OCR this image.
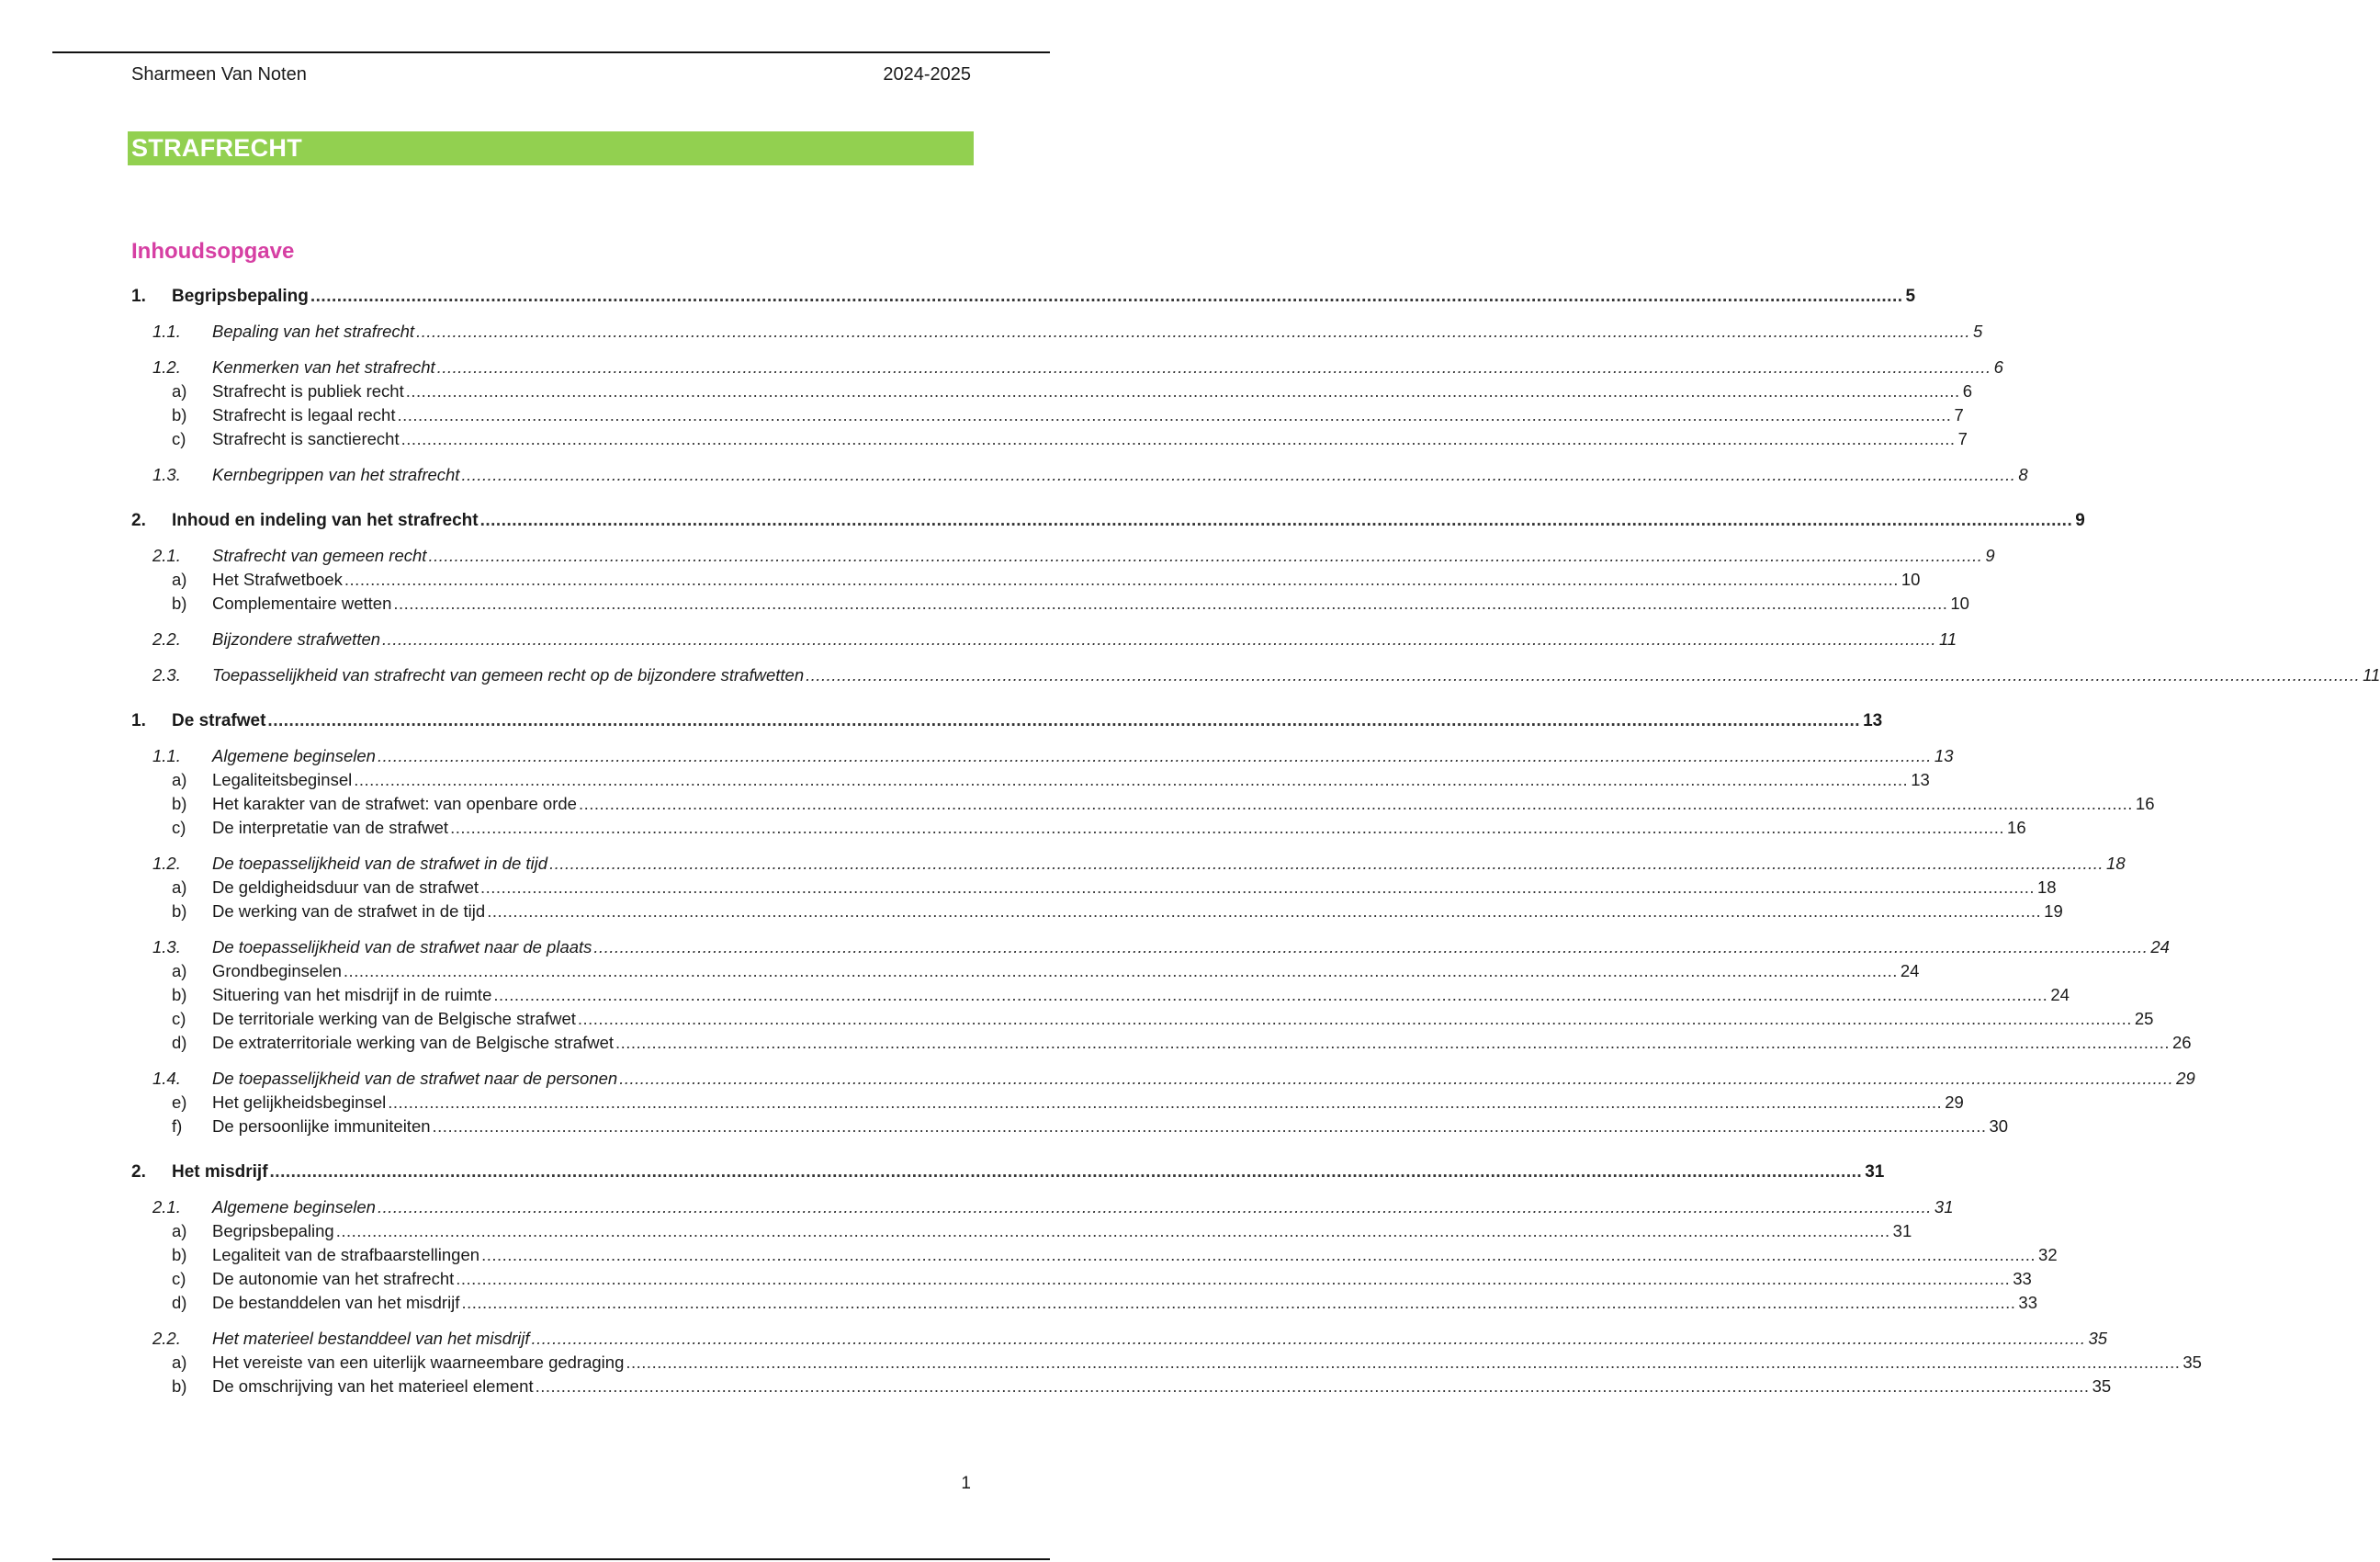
Sharmeen Van Noten	2024-2025
STRAFRECHT
Inhoudsopgave
1. Begripsbepaling ............................................................................................................................................................................................................................................................................................................ 5
1.1. Bepaling van het strafrecht ............................................................................................................................................................................................................................................................................................................ 5
1.2. Kenmerken van het strafrecht ............................................................................................................................................................................................................................................................................................................ 6
a) Strafrecht is publiek recht ............................................................................................................................................................................................................................................................................................................ 6
b) Strafrecht is legaal recht ............................................................................................................................................................................................................................................................................................................ 7
c) Strafrecht is sanctierecht ............................................................................................................................................................................................................................................................................................................ 7
1.3. Kernbegrippen van het strafrecht ............................................................................................................................................................................................................................................................................................................ 8
2. Inhoud en indeling van het strafrecht ............................................................................................................................................................................................................................................................................................................ 9
2.1. Strafrecht van gemeen recht ............................................................................................................................................................................................................................................................................................................ 9
a) Het Strafwetboek ............................................................................................................................................................................................................................................................................................................ 10
b) Complementaire wetten ............................................................................................................................................................................................................................................................................................................ 10
2.2. Bijzondere strafwetten ............................................................................................................................................................................................................................................................................................................ 11
2.3. Toepasselijkheid van strafrecht van gemeen recht op de bijzondere strafwetten ............................................................................................................................................................................................................................................................................................................ 11
1. De strafwet ............................................................................................................................................................................................................................................................................................................ 13
1.1. Algemene beginselen ............................................................................................................................................................................................................................................................................................................ 13
a) Legaliteitsbeginsel ............................................................................................................................................................................................................................................................................................................ 13
b) Het karakter van de strafwet: van openbare orde ............................................................................................................................................................................................................................................................................................................ 16
c) De interpretatie van de strafwet ............................................................................................................................................................................................................................................................................................................ 16
1.2. De toepasselijkheid van de strafwet in de tijd ............................................................................................................................................................................................................................................................................................................ 18
a) De geldigheidsduur van de strafwet ............................................................................................................................................................................................................................................................................................................ 18
b) De werking van de strafwet in de tijd ............................................................................................................................................................................................................................................................................................................ 19
1.3. De toepasselijkheid van de strafwet naar de plaats ............................................................................................................................................................................................................................................................................................................ 24
a) Grondbeginselen ............................................................................................................................................................................................................................................................................................................ 24
b) Situering van het misdrijf in de ruimte ............................................................................................................................................................................................................................................................................................................ 24
c) De territoriale werking van de Belgische strafwet ............................................................................................................................................................................................................................................................................................................ 25
d) De extraterritoriale werking van de Belgische strafwet ............................................................................................................................................................................................................................................................................................................ 26
1.4. De toepasselijkheid van de strafwet naar de personen ............................................................................................................................................................................................................................................................................................................ 29
e) Het gelijkheidsbeginsel ............................................................................................................................................................................................................................................................................................................ 29
f) De persoonlijke immuniteiten ............................................................................................................................................................................................................................................................................................................ 30
2. Het misdrijf ............................................................................................................................................................................................................................................................................................................ 31
2.1. Algemene beginselen ............................................................................................................................................................................................................................................................................................................ 31
a) Begripsbepaling ............................................................................................................................................................................................................................................................................................................ 31
b) Legaliteit van de strafbaarstellingen ............................................................................................................................................................................................................................................................................................................ 32
c) De autonomie van het strafrecht ............................................................................................................................................................................................................................................................................................................ 33
d) De bestanddelen van het misdrijf ............................................................................................................................................................................................................................................................................................................ 33
2.2. Het materieel bestanddeel van het misdrijf ............................................................................................................................................................................................................................................................................................................ 35
a) Het vereiste van een uiterlijk waarneembare gedraging ............................................................................................................................................................................................................................................................................................................ 35
b) De omschrijving van het materieel element ............................................................................................................................................................................................................................................................................................................ 35
1
